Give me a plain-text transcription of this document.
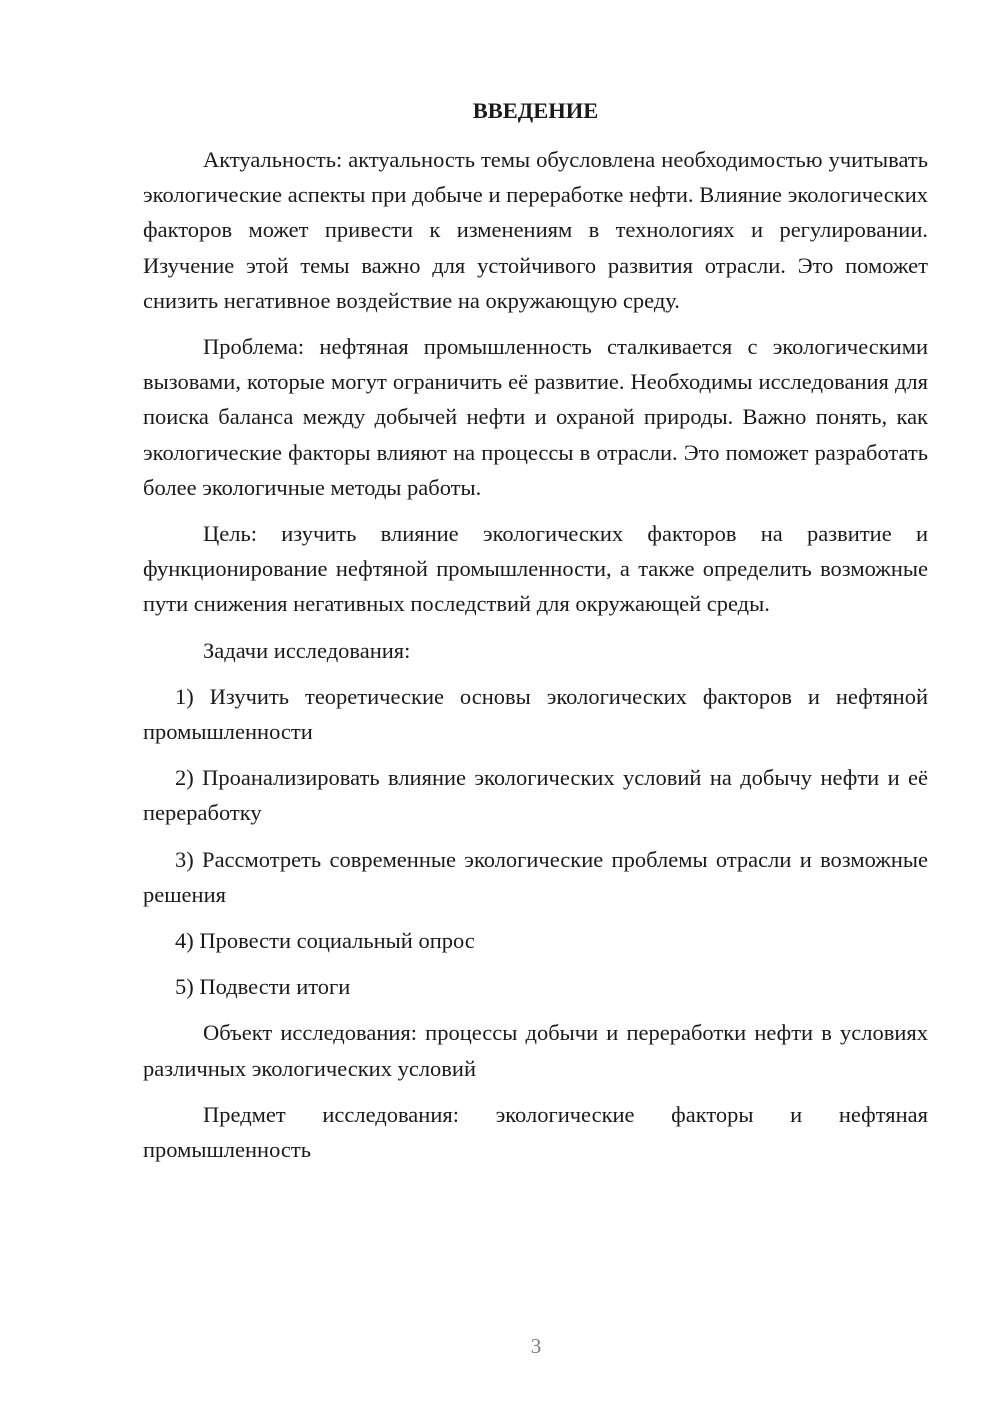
ВВЕДЕНИЕ

Актуальность: актуальность темы обусловлена необходимостью учитывать экологические аспекты при добыче и переработке нефти. Влияние экологических факторов может привести к изменениям в технологиях и регулировании. Изучение этой темы важно для устойчивого развития отрасли. Это поможет снизить негативное воздействие на окружающую среду.

Проблема: нефтяная промышленность сталкивается с экологическими вызовами, которые могут ограничить её развитие. Необходимы исследования для поиска баланса между добычей нефти и охраной природы. Важно понять, как экологические факторы влияют на процессы в отрасли. Это поможет разработать более экологичные методы работы.

Цель: изучить влияние экологических факторов на развитие и функционирование нефтяной промышленности, а также определить возможные пути снижения негативных последствий для окружающей среды.

Задачи исследования:

1) Изучить теоретические основы экологических факторов и нефтяной промышленности

2) Проанализировать влияние экологических условий на добычу нефти и её переработку

3) Рассмотреть современные экологические проблемы отрасли и возможные решения

4) Провести социальный опрос

5) Подвести итоги

Объект исследования: процессы добычи и переработки нефти в условиях различных экологических условий

Предмет исследования: экологические факторы и нефтяная промышленность

3
